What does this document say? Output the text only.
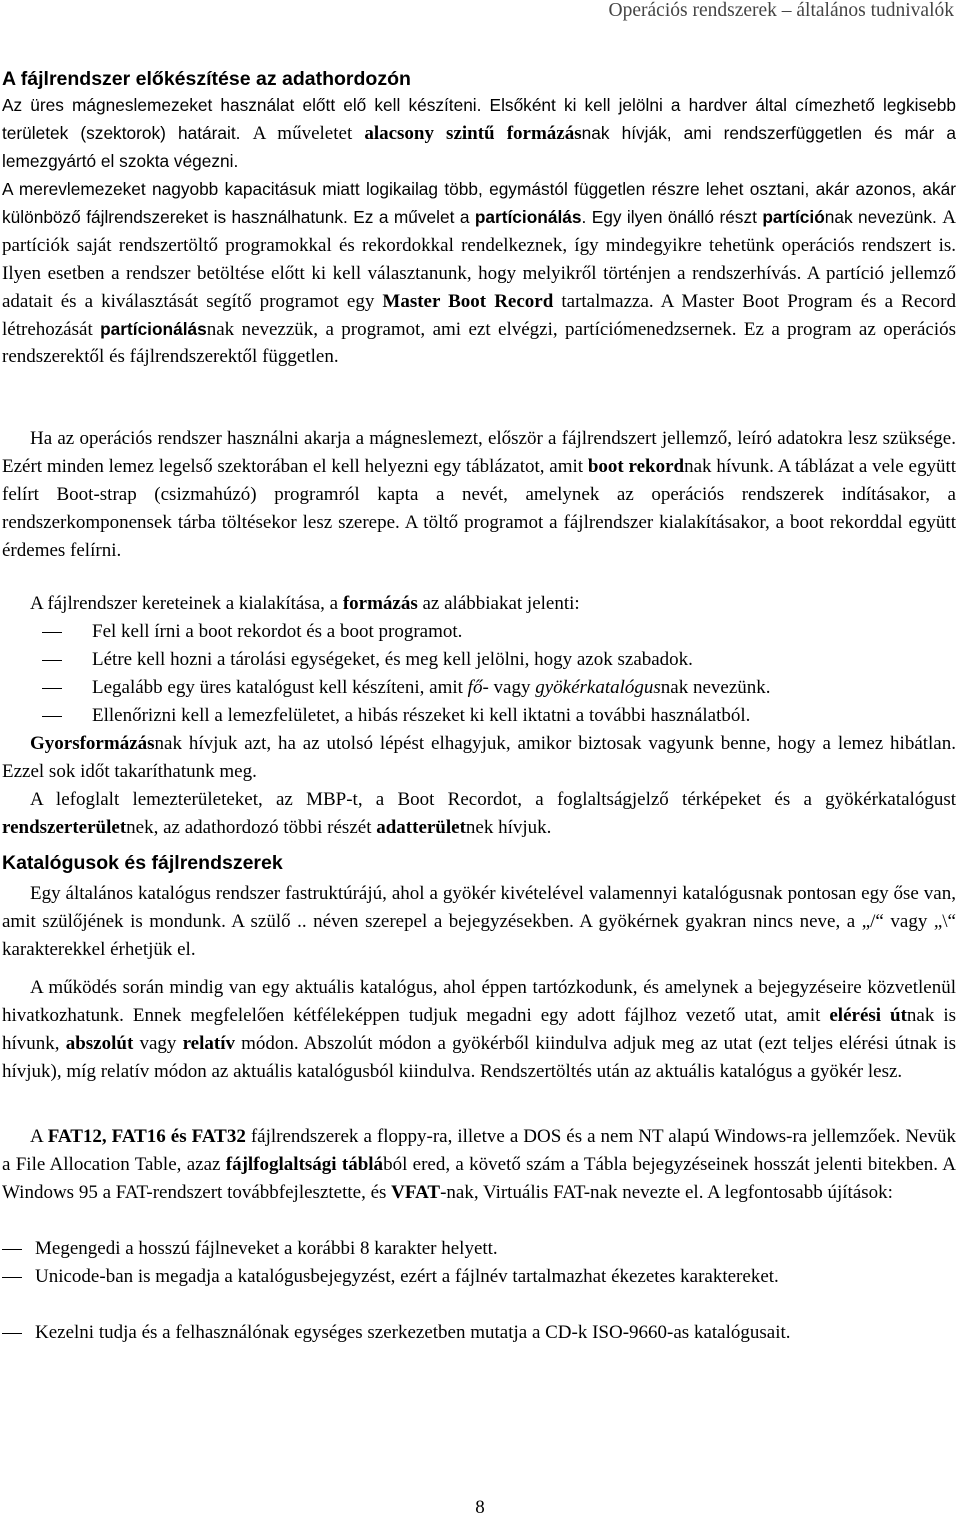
Operációs rendszerek – általános tudnivalók
A fájlrendszer előkészítése az adathordozón
Az üres mágneslemezeket használat előtt elő kell készíteni. Elsőként ki kell jelölni a hardver által címezhető legkisebb területek (szektorok) határait. A műveletet alacsony szintű formázásnak hívják, ami rendszerfüggetlen és már a lemezgyártó el szokta végezni.
A merevlemezeket nagyobb kapacitásuk miatt logikailag több, egymástól független részre lehet osztani, akár azonos, akár különböző fájlrendszereket is használhatunk. Ez a művelet a partícionálás. Egy ilyen önálló részt partíciónak nevezünk. A partíciók saját rendszertöltő programokkal és rekordokkal rendelkeznek, így mindegyikre tehetünk operációs rendszert is. Ilyen esetben a rendszer betöltése előtt ki kell választanunk, hogy melyikről történjen a rendszerhívás. A partíció jellemző adatait és a kiválasztását segítő programot egy Master Boot Record tartalmazza. A Master Boot Program és a Record létrehozását partícionálásnak nevezzük, a programot, ami ezt elvégzi, partíciómenedzsernek. Ez a program az operációs rendszerektől és fájlrendszerektől független.
Ha az operációs rendszer használni akarja a mágneslemezt, először a fájlrendszert jellemző, leíró adatokra lesz szüksége. Ezért minden lemez legelső szektorában el kell helyezni egy táblázatot, amit boot rekordnak hívunk. A táblázat a vele együtt felírt Boot-strap (csizmahúzó) programról kapta a nevét, amelynek az operációs rendszerek indításakor, a rendszerkomponensek tárba töltésekor lesz szerepe. A töltő programot a fájlrendszer kialakításakor, a boot rekorddal együtt érdemes felírni.
A fájlrendszer kereteinek a kialakítása, a formázás az alábbiakat jelenti:
Fel kell írni a boot rekordot és a boot programot.
Létre kell hozni a tárolási egységeket, és meg kell jelölni, hogy azok szabadok.
Legalább egy üres katalógust kell készíteni, amit fő- vagy gyökérkatalógusnak nevezünk.
Ellenőrizni kell a lemezfelületet, a hibás részeket ki kell iktatni a további használatból.
Gyorsformázásnak hívjuk azt, ha az utolsó lépést elhagyjuk, amikor biztosak vagyunk benne, hogy a lemez hibátlan. Ezzel sok időt takaríthatunk meg.
A lefoglalt lemezterületeket, az MBP-t, a Boot Recordot, a foglaltságjelző térképeket és a gyökérkatalógust rendszerterületnek, az adathordozó többi részét adatterületnek hívjuk.
Katalógusok és fájlrendszerek
Egy általános katalógus rendszer fastruktúrájú, ahol a gyökér kivételével valamennyi katalógusnak pontosan egy őse van, amit szülőjének is mondunk. A szülő .. néven szerepel a bejegyzésekben. A gyökérnek gyakran nincs neve, a „/“ vagy „\“ karakterekkel érhetjük el.
A működés során mindig van egy aktuális katalógus, ahol éppen tartózkodunk, és amelynek a bejegyzéseire közvetlenül hivatkozhatunk. Ennek megfelelően kétféleképpen tudjuk megadni egy adott fájlhoz vezető utat, amit elérési útnak is hívunk, abszolút vagy relatív módon. Abszolút módon a gyökérből kiindulva adjuk meg az utat (ezt teljes elérési útnak is hívjuk), míg relatív módon az aktuális katalógusból kiindulva. Rendszertöltés után az aktuális katalógus a gyökér lesz.
A FAT12, FAT16 és FAT32 fájlrendszerek a floppy-ra, illetve a DOS és a nem NT alapú Windows-ra jellemzőek. Nevük a File Allocation Table, azaz fájlfoglaltsági táblából ered, a követő szám a Tábla bejegyzéseinek hosszát jelenti bitekben. A Windows 95 a FAT-rendszert továbbfejlesztette, és VFAT-nak, Virtuális FAT-nak nevezte el. A legfontosabb újítások:
Megengedi a hosszú fájlneveket a korábbi 8 karakter helyett.
Unicode-ban is megadja a katalógusbejegyzést, ezért a fájlnév tartalmazhat ékezetes karaktereket.
Kezelni tudja és a felhasználónak egységes szerkezetben mutatja a CD-k ISO-9660-as katalógusait.
8
